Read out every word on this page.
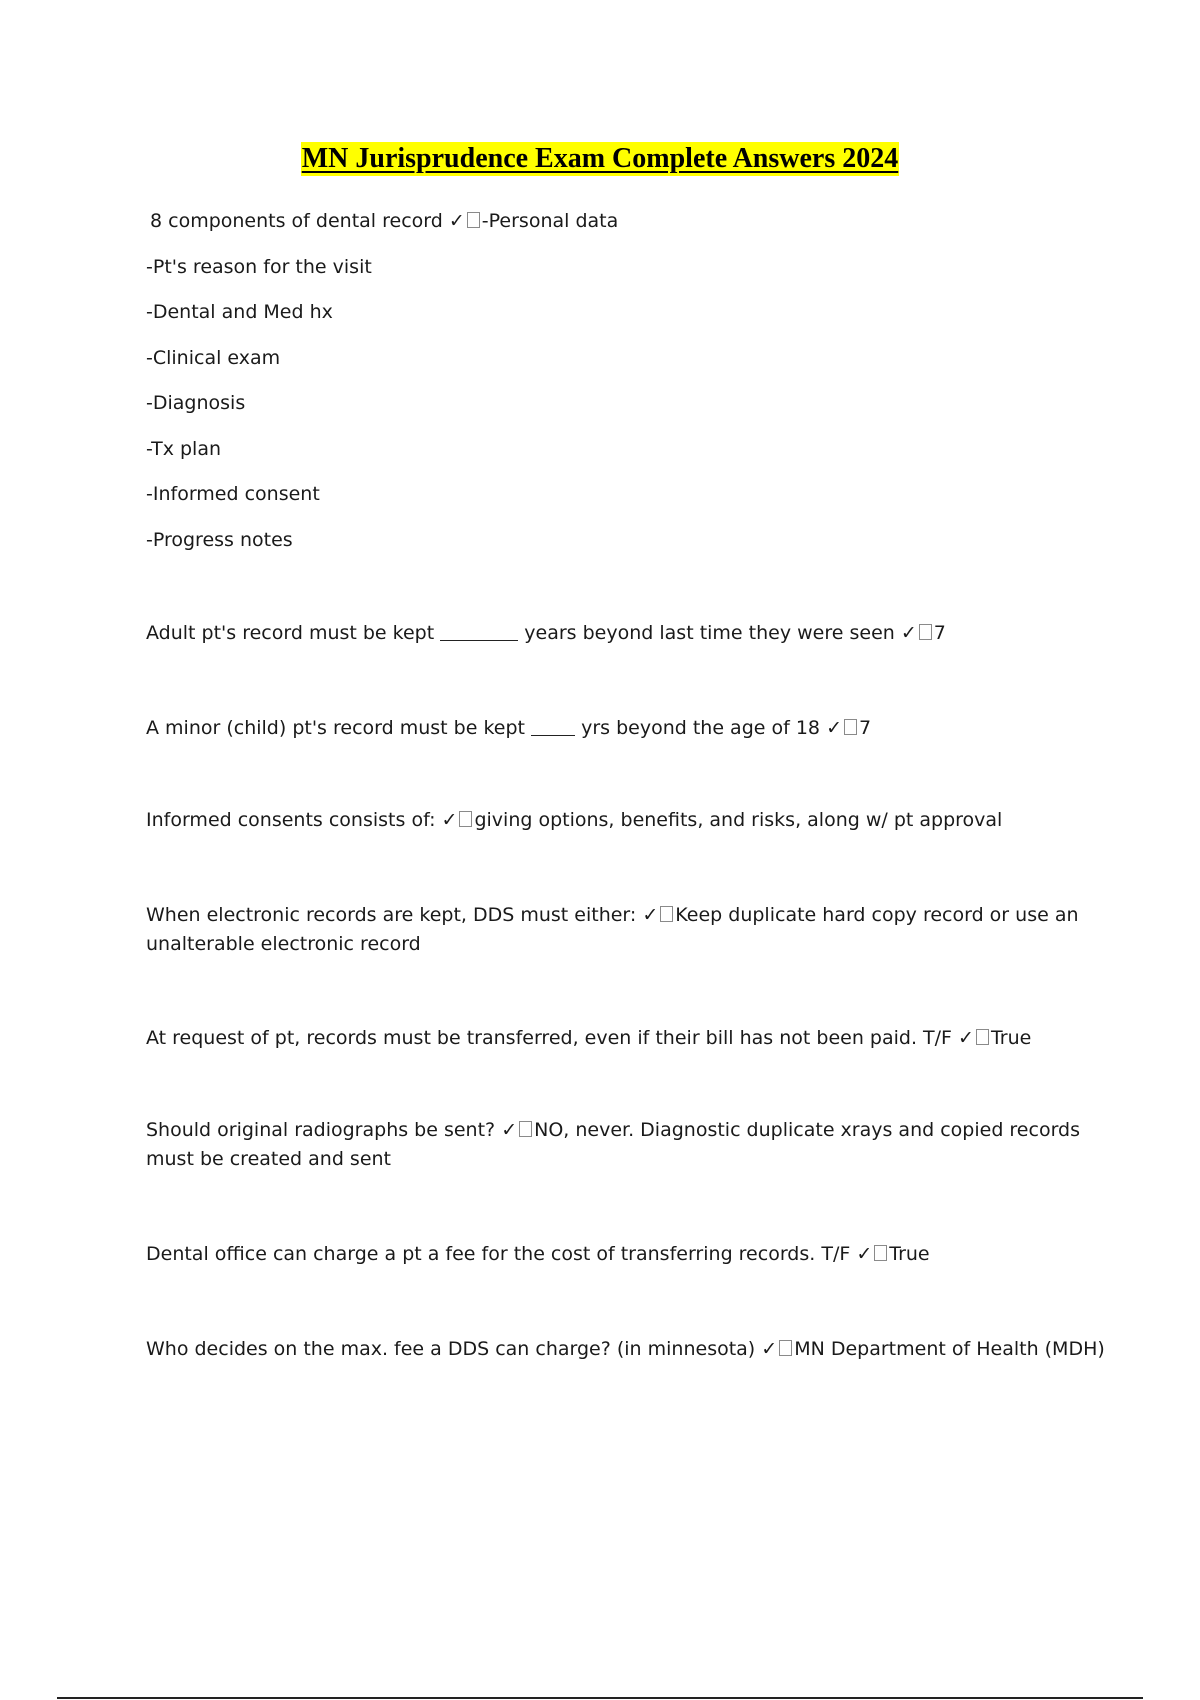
MN Jurisprudence Exam Complete Answers 2024
8 components of dental record ✓ -Personal data
-Pt's reason for the visit
-Dental and Med hx
-Clinical exam
-Diagnosis
-Tx plan
-Informed consent
-Progress notes
Adult pt's record must be kept	years beyond last time they were seen ✓ 7
A minor (child) pt's record must be kept	yrs beyond the age of 18 ✓ 7
Informed consents consists of: ✓ giving options, benefits, and risks, along w/ pt approval
When electronic records are kept, DDS must either: ✓ Keep duplicate hard copy record or use an unalterable electronic record
At request of pt, records must be transferred, even if their bill has not been paid. T/F ✓ True
Should original radiographs be sent? ✓ NO, never. Diagnostic duplicate xrays and copied records must be created and sent
Dental office can charge a pt a fee for the cost of transferring records. T/F ✓ True
Who decides on the max. fee a DDS can charge? (in minnesota) ✓ MN Department of Health (MDH)
